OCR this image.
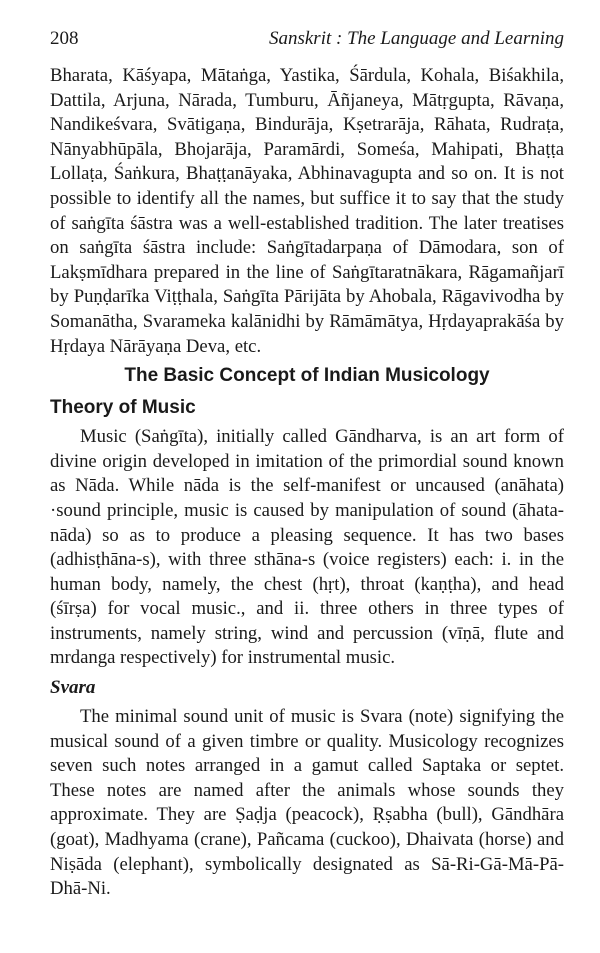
208	Sanskrit : The Language and Learning

Bharata, Kāśyapa, Mātaṅga, Yastika, Śārdula, Kohala, Biśakhila, Dattila, Arjuna, Nārada, Tumburu, Āñjaneya, Mātṛgupta, Rāvaṇa, Nandikeśvara, Svātigaṇa, Bindurāja, Kṣetrarāja, Rāhata, Rudraṭa, Nānyabhūpāla, Bhojarāja, Paramārdi, Someśa, Mahipati, Bhaṭṭa Lollaṭa, Śaṅkura, Bhaṭṭanāyaka, Abhinavagupta and so on. It is not possible to identify all the names, but suffice it to say that the study of saṅgīta śāstra was a well-established tradition. The later treatises on saṅgīta śāstra include: Saṅgītadarpaṇa of Dāmodara, son of Lakṣmīdhara prepared in the line of Saṅgītaratnākara, Rāgamañjarī by Puṇḍarīka Viṭṭhala, Saṅgīta Pārijāta by Ahobala, Rāgavivodha by Somanātha, Svarameka kalānidhi by Rāmāmātya, Hṛdayaprakāśa by Hṛdaya Nārāyaṇa Deva, etc.

The Basic Concept of Indian Musicology
Theory of Music

Music (Saṅgīta), initially called Gāndharva, is an art form of divine origin developed in imitation of the primordial sound known as Nāda. While nāda is the self-manifest or uncaused (anāhata) ·sound principle, music is caused by manipulation of sound (āhata-nāda) so as to produce a pleasing sequence. It has two bases (adhisṭhāna-s), with three sthāna-s (voice registers) each: i. in the human body, namely, the chest (hṛt), throat (kaṇṭha), and head (śīrṣa) for vocal music., and ii. three others in three types of instruments, namely string, wind and percussion (vīṇā, flute and mrdanga respectively) for instrumental music.

Svara

The minimal sound unit of music is Svara (note) signifying the musical sound of a given timbre or quality. Musicology recognizes seven such notes arranged in a gamut called Saptaka or septet. These notes are named after the animals whose sounds they approximate. They are Ṣaḍja (peacock), Ṛṣabha (bull), Gāndhāra (goat), Madhyama (crane), Pañcama (cuckoo), Dhaivata (horse) and Niṣāda (elephant), symbolically designated as Sā-Ri-Gā-Mā-Pā-Dhā-Ni.
